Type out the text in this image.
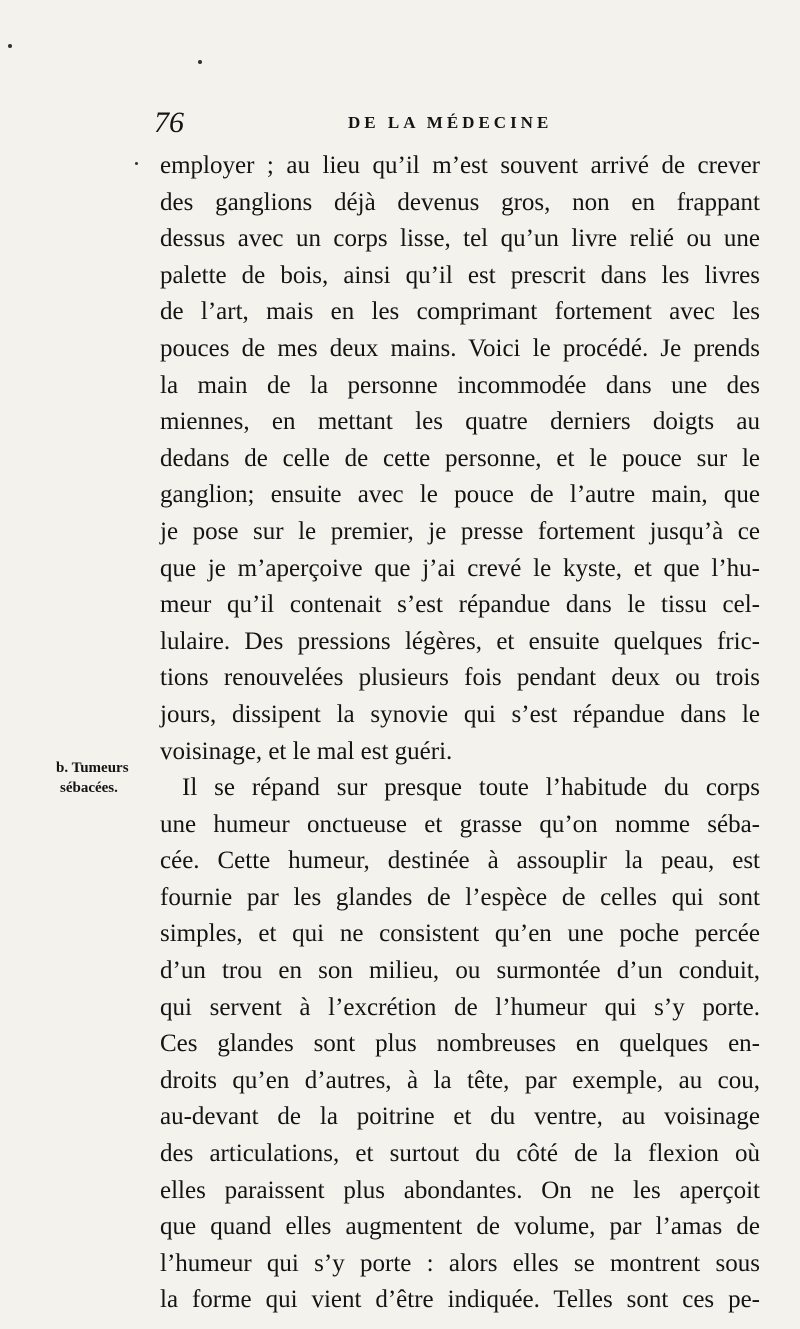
76	DE LA MÉDECINE
b. Tumeurs
sébacées.
employer ; au lieu qu’il m’est souvent arrivé de crever
des ganglions déjà devenus gros, non en frappant
dessus avec un corps lisse, tel qu’un livre relié ou une
palette de bois, ainsi qu’il est prescrit dans les livres
de l’art, mais en les comprimant fortement avec les
pouces de mes deux mains. Voici le procédé. Je prends
la main de la personne incommodée dans une des
miennes, en mettant les quatre derniers doigts au
dedans de celle de cette personne, et le pouce sur le
ganglion; ensuite avec le pouce de l’autre main, que
je pose sur le premier, je presse fortement jusqu’à ce
que je m’aperçoive que j’ai crevé le kyste, et que l’hu-
meur qu’il contenait s’est répandue dans le tissu cel-
lulaire. Des pressions légères, et ensuite quelques fric-
tions renouvelées plusieurs fois pendant deux ou trois
jours, dissipent la synovie qui s’est répandue dans le
voisinage, et le mal est guéri.
Il se répand sur presque toute l’habitude du corps
une humeur onctueuse et grasse qu’on nomme séba-
cée. Cette humeur, destinée à assouplir la peau, est
fournie par les glandes de l’espèce de celles qui sont
simples, et qui ne consistent qu’en une poche percée
d’un trou en son milieu, ou surmontée d’un conduit,
qui servent à l’excrétion de l’humeur qui s’y porte.
Ces glandes sont plus nombreuses en quelques en-
droits qu’en d’autres, à la tête, par exemple, au cou,
au-devant de la poitrine et du ventre, au voisinage
des articulations, et surtout du côté de la flexion où
elles paraissent plus abondantes. On ne les aperçoit
que quand elles augmentent de volume, par l’amas de
l’humeur qui s’y porte : alors elles se montrent sous
la forme qui vient d’être indiquée. Telles sont ces pe-
